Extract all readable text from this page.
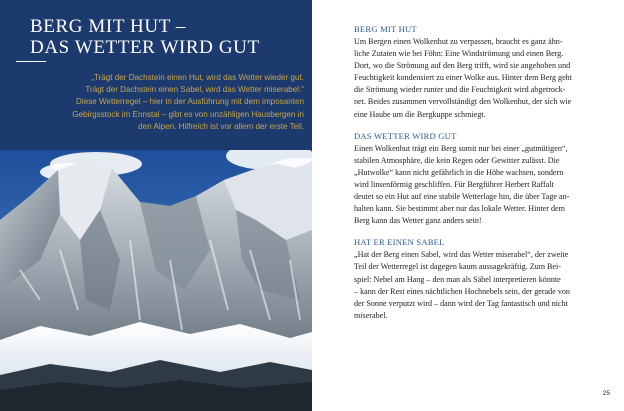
BERG MIT HUT –
DAS WETTER WIRD GUT

„Trägt der Dachstein einen Hut, wird das Wetter wieder gut.
Trägt der Dachstein einen Sabel, wird das Wetter miserabel.“
Diese Wetterregel – hier in der Ausführung mit dem imposanten
Gebirgsstock im Ennstal – gibt es von unzähligen Hausbergen in
den Alpen. Hilfreich ist vor allem der erste Teil.

BERG MIT HUT

Um Bergen einen Wolkenhut zu verpassen, braucht es ganz ähn-
liche Zutaten wie bei Föhn: Eine Windströmung und einen Berg.
Dort, wo die Strömung auf den Berg trifft, wird sie angehoben und
Feuchtigkeit kondensiert zu einer Wolke aus. Hinter dem Berg geht
die Strömung wieder runter und die Feuchtigkeit wird abgetrock-
net. Beides zusammen vervollständigt den Wolkenhut, der sich wie
eine Haube um die Bergkuppe schmiegt.

DAS WETTER WIRD GUT

Einen Wolkenhut trägt ein Berg somit nur bei einer „gutmütigen“,
stabilen Atmosphäre, die kein Regen oder Gewitter zulässt. Die
„Hutwolke“ kann nicht gefährlich in die Höhe wachsen, sondern
wird linsenförmig geschliffen. Für Bergführer Herbert Raffalt
deutet so ein Hut auf eine stabile Wetterlage hin, die über Tage an-
halten kann. Sie bestimmt aber nur das lokale Wetter. Hinter dem
Berg kann das Wetter ganz anders sein!

HAT ER EINEN SABEL

„Hat der Berg einen Sabel, wird das Wetter miserabel“, der zweite
Teil der Wetterregel ist dagegen kaum aussagekräftig. Zum Bei-
spiel: Nebel am Hang – den man als Säbel interpretieren könnte
– kann der Rest eines nächtlichen Hochnebels sein, der gerade von
der Sonne verputzt wird – dann wird der Tag fantastisch und nicht
miserabel.

25
